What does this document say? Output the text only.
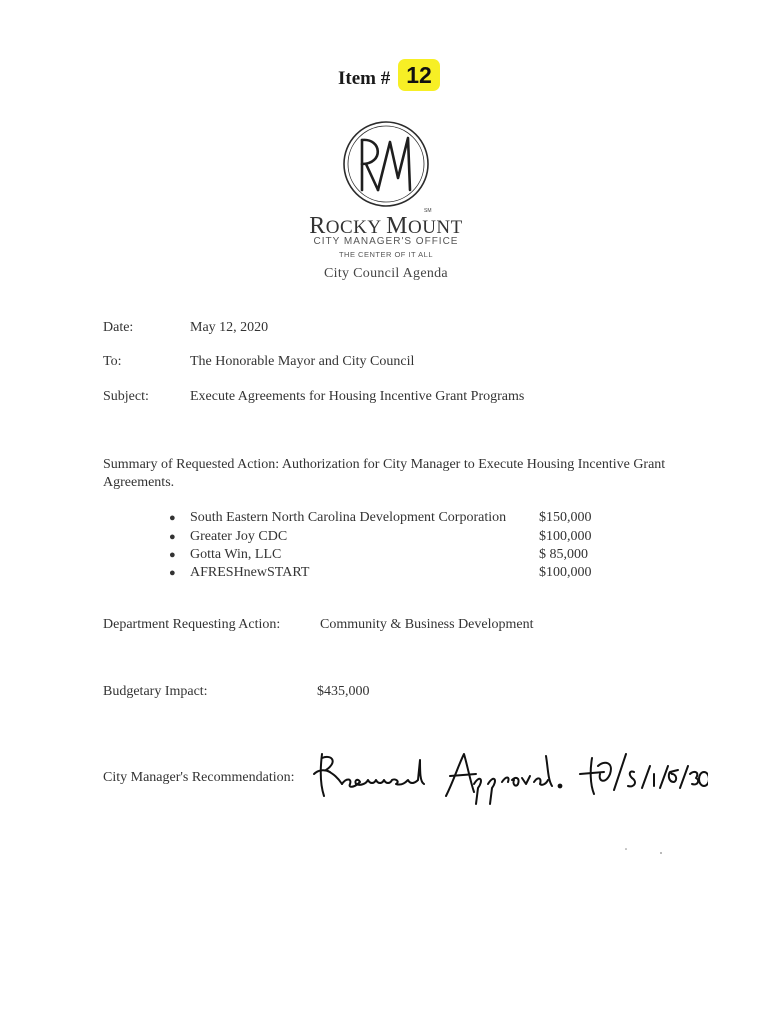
Item # 12
SM
ROCKY MOUNT
CITY MANAGER'S OFFICE
THE CENTER OF IT ALL
City Council Agenda
Date:	May 12, 2020
To:	The Honorable Mayor and City Council
Subject:	Execute Agreements for Housing Incentive Grant Programs
Summary of Requested Action: Authorization for City Manager to Execute Housing Incentive Grant Agreements.
● South Eastern North Carolina Development Corporation $150,000
● Greater Joy CDC	$100,000
● Gotta Win, LLC	$ 85,000
● AFRESHnewSTART	$100,000
Department Requesting Action:	Community & Business Development
Budgetary Impact:	$435,000
City Manager's Recommendation:
